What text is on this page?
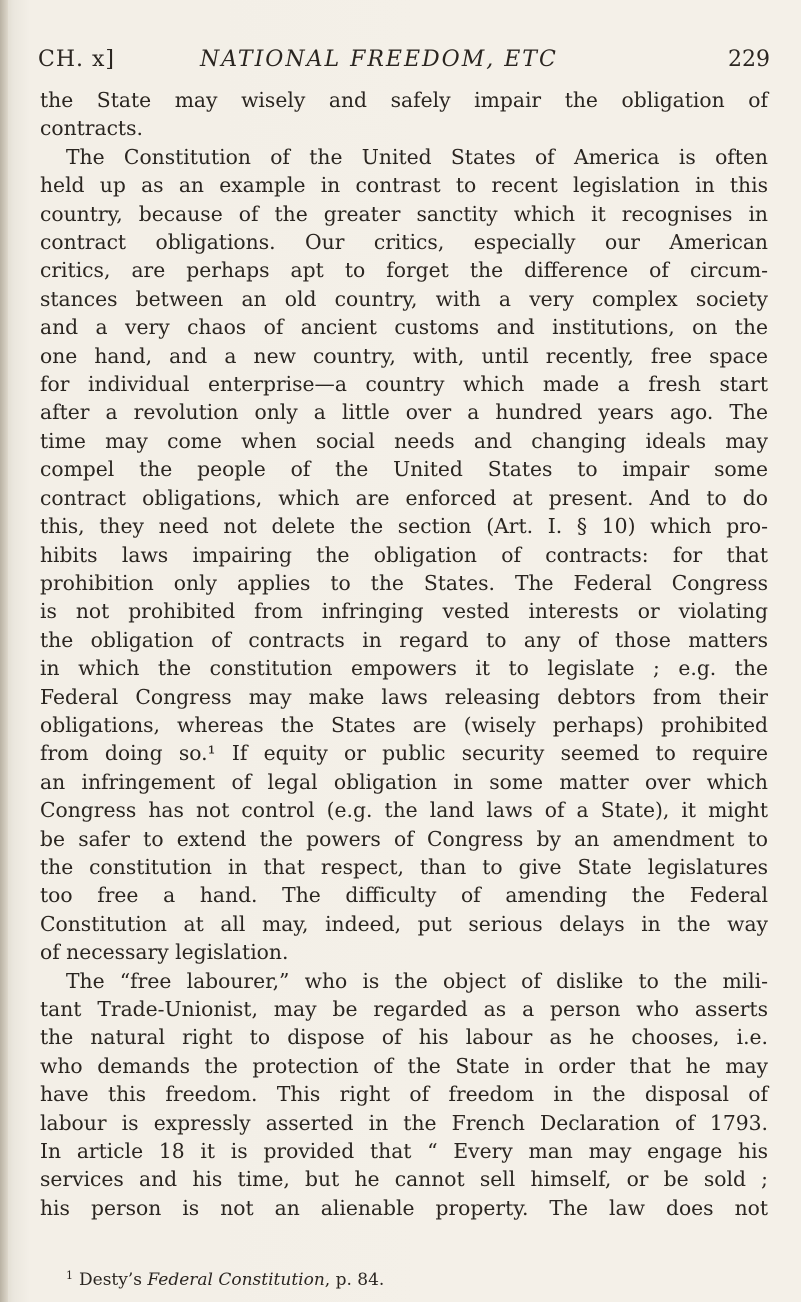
CH. x]	NATIONAL FREEDOM, ETC	229
the State may wisely and safely impair the obligation of
contracts.
The Constitution of the United States of America is often
held up as an example in contrast to recent legislation in this
country, because of the greater sanctity which it recognises in
contract obligations. Our critics, especially our American
critics, are perhaps apt to forget the difference of circum-
stances between an old country, with a very complex society
and a very chaos of ancient customs and institutions, on the
one hand, and a new country, with, until recently, free space
for individual enterprise—a country which made a fresh start
after a revolution only a little over a hundred years ago. The
time may come when social needs and changing ideals may
compel the people of the United States to impair some
contract obligations, which are enforced at present. And to do
this, they need not delete the section (Art. I. § 10) which pro-
hibits laws impairing the obligation of contracts: for that
prohibition only applies to the States. The Federal Congress
is not prohibited from infringing vested interests or violating
the obligation of contracts in regard to any of those matters
in which the constitution empowers it to legislate ; e.g. the
Federal Congress may make laws releasing debtors from their
obligations, whereas the States are (wisely perhaps) prohibited
from doing so.¹ If equity or public security seemed to require
an infringement of legal obligation in some matter over which
Congress has not control (e.g. the land laws of a State), it might
be safer to extend the powers of Congress by an amendment to
the constitution in that respect, than to give State legislatures
too free a hand. The difficulty of amending the Federal
Constitution at all may, indeed, put serious delays in the way
of necessary legislation.
The “free labourer,” who is the object of dislike to the mili-
tant Trade-Unionist, may be regarded as a person who asserts
the natural right to dispose of his labour as he chooses, i.e.
who demands the protection of the State in order that he may
have this freedom. This right of freedom in the disposal of
labour is expressly asserted in the French Declaration of 1793.
In article 18 it is provided that “ Every man may engage his
services and his time, but he cannot sell himself, or be sold ;
his person is not an alienable property. The law does not
$^1$ Desty’s Federal Constitution, p. 84.
